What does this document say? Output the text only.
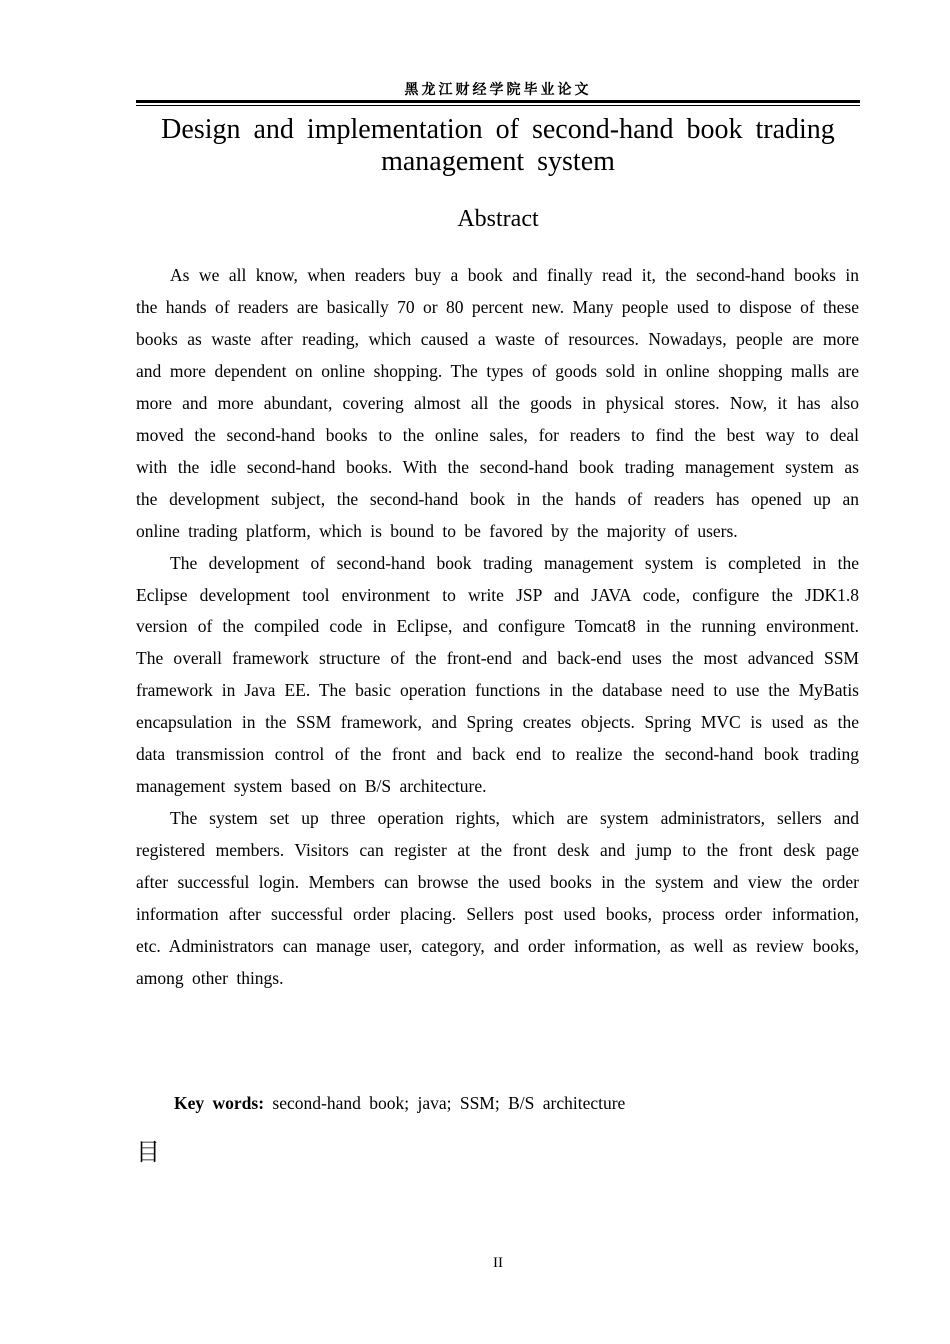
黑龙江财经学院毕业论文
Design and implementation of second-hand book trading management system
Abstract

As we all know, when readers buy a book and finally read it, the second-hand books in the hands of readers are basically 70 or 80 percent new. Many people used to dispose of these books as waste after reading, which caused a waste of resources. Nowadays, people are more and more dependent on online shopping. The types of goods sold in online shopping malls are more and more abundant, covering almost all the goods in physical stores. Now, it has also moved the second-hand books to the online sales, for readers to find the best way to deal with the idle second-hand books. With the second-hand book trading management system as the development subject, the second-hand book in the hands of readers has opened up an online trading platform, which is bound to be favored by the majority of users.

The development of second-hand book trading management system is completed in the Eclipse development tool environment to write JSP and JAVA code, configure the JDK1.8 version of the compiled code in Eclipse, and configure Tomcat8 in the running environment. The overall framework structure of the front-end and back-end uses the most advanced SSM framework in Java EE. The basic operation functions in the database need to use the MyBatis encapsulation in the SSM framework, and Spring creates objects. Spring MVC is used as the data transmission control of the front and back end to realize the second-hand book trading management system based on B/S architecture.

The system set up three operation rights, which are system administrators, sellers and registered members. Visitors can register at the front desk and jump to the front desk page after successful login. Members can browse the used books in the system and view the order information after successful order placing. Sellers post used books, process order information, etc. Administrators can manage user, category, and order information, as well as review books, among other things.

Key words: second-hand book; java; SSM; B/S architecture
目
II
